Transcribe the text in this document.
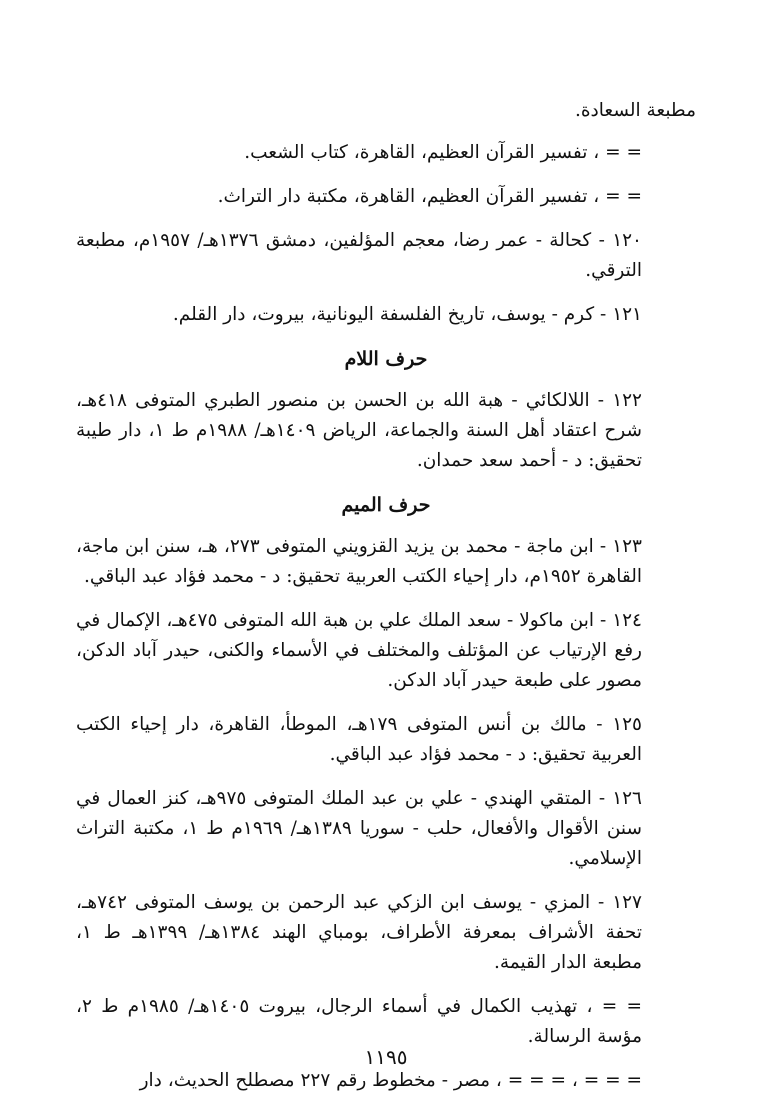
مطبعة السعادة.

= = ، تفسير القرآن العظيم، القاهرة، كتاب الشعب.

= = ، تفسير القرآن العظيم، القاهرة، مكتبة دار التراث.

١٢٠ - كحالة - عمر رضا، معجم المؤلفين، دمشق ١٣٧٦هـ/ ١٩٥٧م، مطبعة الترقي.

١٢١ - كرم - يوسف، تاريخ الفلسفة اليونانية، بيروت، دار القلم.

حرف اللام

١٢٢ - اللالكائي - هبة الله بن الحسن بن منصور الطبري المتوفى ٤١٨هـ، شرح اعتقاد أهل السنة والجماعة، الرياض ١٤٠٩هـ/ ١٩٨٨م ط ١، دار طيبة تحقيق: د - أحمد سعد حمدان.

حرف الميم

١٢٣ - ابن ماجة - محمد بن يزيد القزويني المتوفى ٢٧٣، هـ، سنن ابن ماجة، القاهرة ١٩٥٢م، دار إحياء الكتب العربية تحقيق: د - محمد فؤاد عبد الباقي.

١٢٤ - ابن ماكولا - سعد الملك علي بن هبة الله المتوفى ٤٧٥هـ، الإكمال في رفع الإرتياب عن المؤتلف والمختلف في الأسماء والكنى، حيدر آباد الدكن، مصور على طبعة حيدر آباد الدكن.

١٢٥ - مالك بن أنس المتوفى ١٧٩هـ، الموطأ، القاهرة، دار إحياء الكتب العربية تحقيق: د - محمد فؤاد عبد الباقي.

١٢٦ - المتقي الهندي - علي بن عبد الملك المتوفى ٩٧٥هـ، كنز العمال في سنن الأقوال والأفعال، حلب - سوريا ١٣٨٩هـ/ ١٩٦٩م ط ١، مكتبة التراث الإسلامي.

١٢٧ - المزي - يوسف ابن الزكي عبد الرحمن بن يوسف المتوفى ٧٤٢هـ، تحفة الأشراف بمعرفة الأطراف، بومباي الهند ١٣٨٤هـ/ ١٣٩٩هـ ط ١، مطبعة الدار القيمة.

= = ، تهذيب الكمال في أسماء الرجال، بيروت ١٤٠٥هـ/ ١٩٨٥م ط ٢، مؤسة الرسالة.

= = = ، = = = ، مصر - مخطوط رقم ٢٢٧ مصطلح الحديث، دار

١١٩٥
